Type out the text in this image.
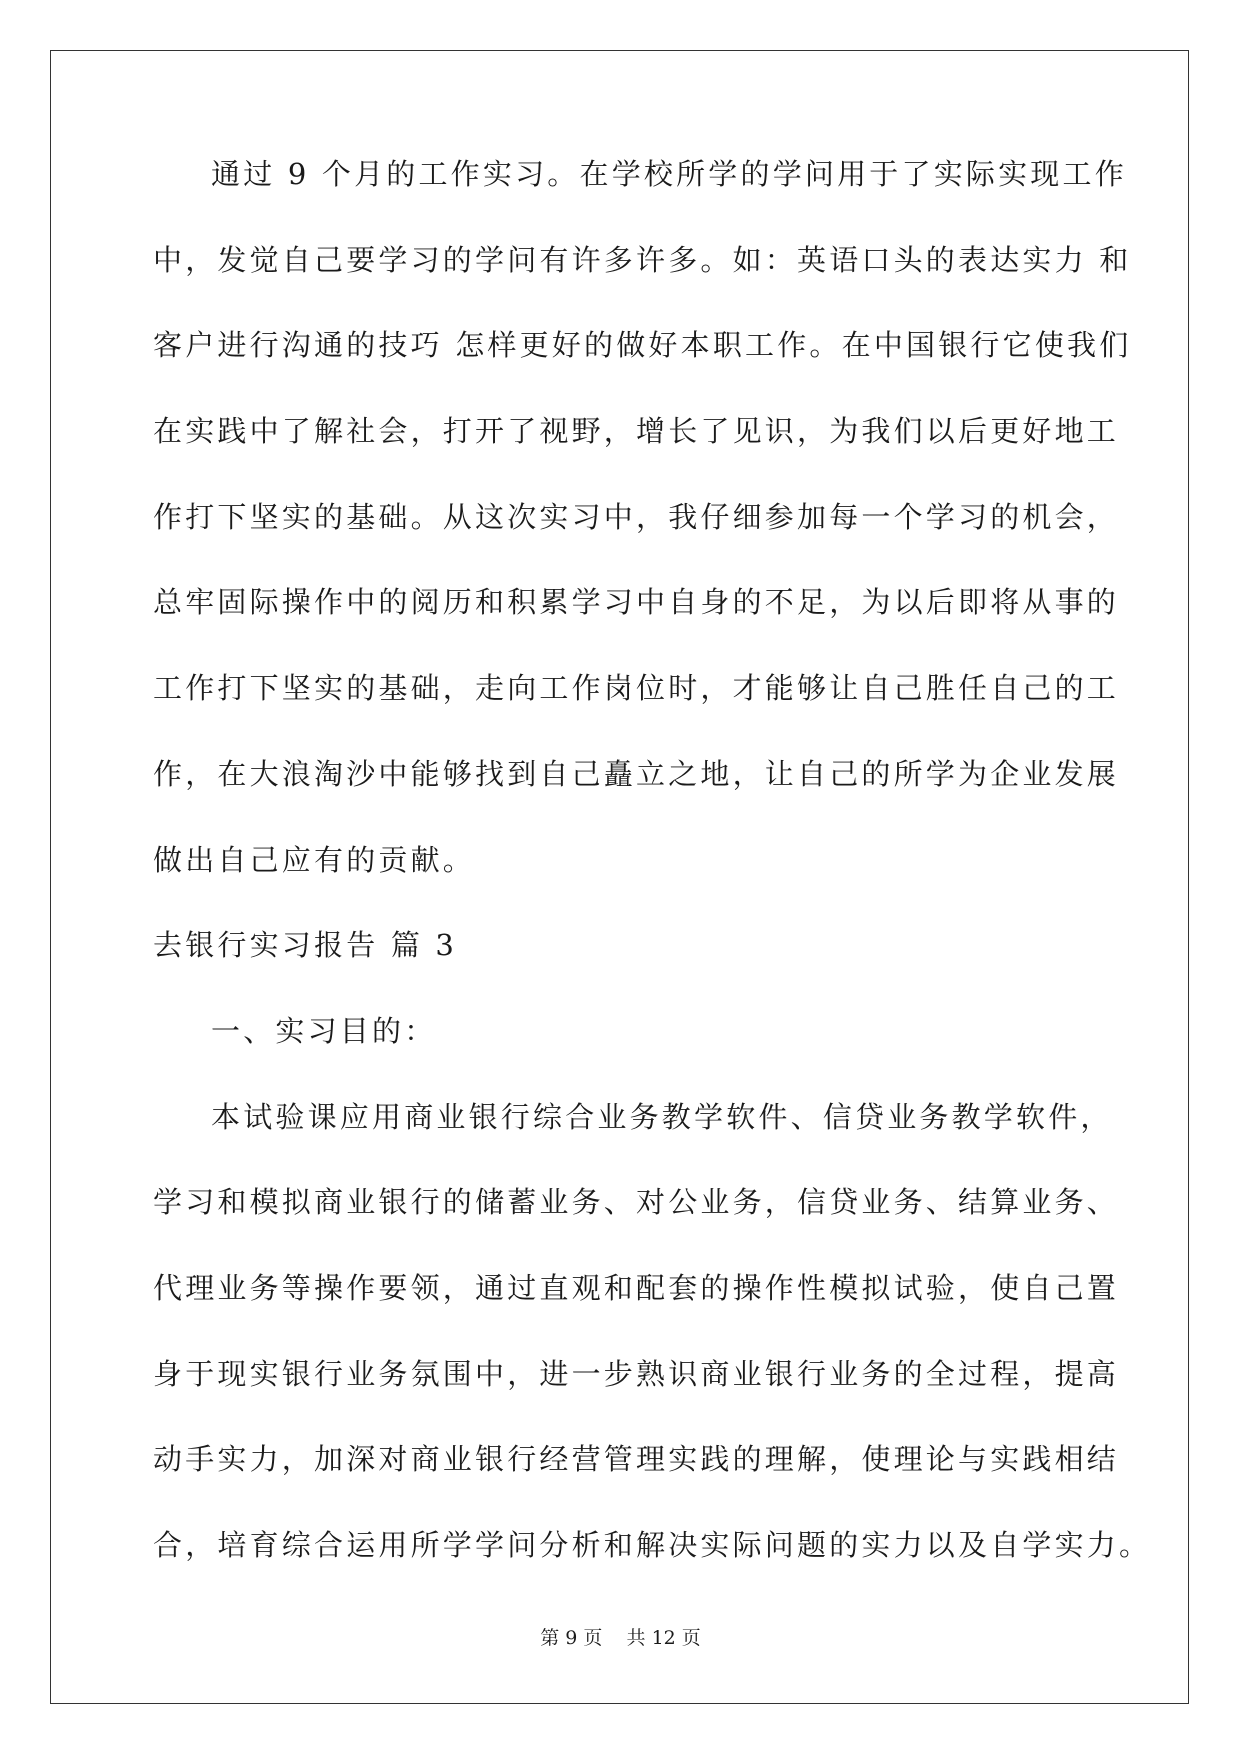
通过 9 个月的工作实习。在学校所学的学问用于了实际实现工作
中，发觉自己要学习的学问有许多许多。如：英语口头的表达实力 和
客户进行沟通的技巧 怎样更好的做好本职工作。在中国银行它使我们
在实践中了解社会，打开了视野，增长了见识，为我们以后更好地工
作打下坚实的基础。从这次实习中，我仔细参加每一个学习的机会，
总牢固际操作中的阅历和积累学习中自身的不足，为以后即将从事的
工作打下坚实的基础，走向工作岗位时，才能够让自己胜任自己的工
作，在大浪淘沙中能够找到自己矗立之地，让自己的所学为企业发展
做出自己应有的贡献。
去银行实习报告 篇 3
一、实习目的：
本试验课应用商业银行综合业务教学软件、信贷业务教学软件，
学习和模拟商业银行的储蓄业务、对公业务，信贷业务、结算业务、
代理业务等操作要领，通过直观和配套的操作性模拟试验，使自己置
身于现实银行业务氛围中，进一步熟识商业银行业务的全过程，提高
动手实力，加深对商业银行经营管理实践的理解，使理论与实践相结
合，培育综合运用所学学问分析和解决实际问题的实力以及自学实力。
第 9 页    共 12 页
